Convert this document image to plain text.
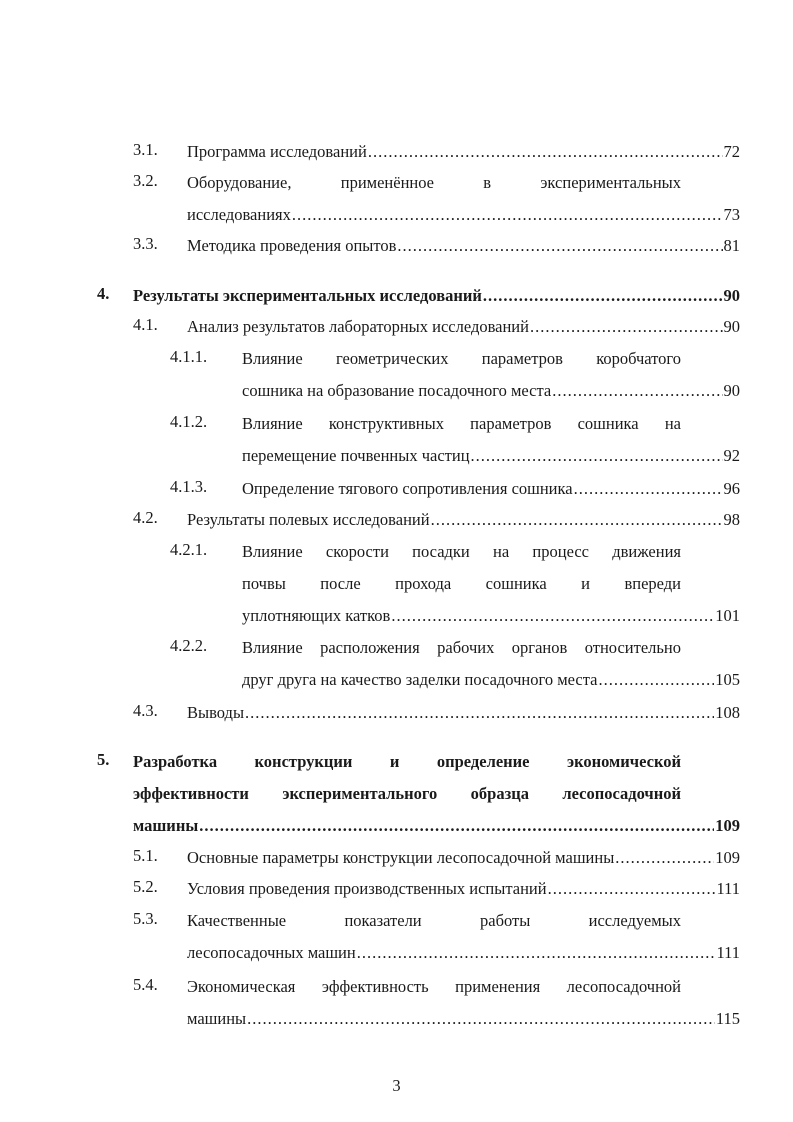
3.1. Программа исследований .....	72
3.2. Оборудование, применённое в экспериментальных
исследованиях .....	73
3.3. Методика проведения опытов .....	81
4. Результаты экспериментальных исследований .....	90
4.1. Анализ результатов лабораторных исследований .....	90
4.1.1. Влияние геометрических параметров коробчатого
сошника на образование посадочного места .....	90
4.1.2. Влияние конструктивных параметров сошника на
перемещение почвенных частиц .....	92
4.1.3. Определение тягового сопротивления сошника .....	96
4.2. Результаты полевых исследований .....	98
4.2.1. Влияние скорости посадки на процесс движения
почвы после прохода сошника и впереди
уплотняющих катков .....	101
4.2.2. Влияние расположения рабочих органов относительно
друг друга на качество заделки посадочного места .....	105
4.3. Выводы .....	108
5. Разработка конструкции и определение экономической
эффективности экспериментального образца лесопосадочной
машины .....	109
5.1. Основные параметры конструкции лесопосадочной машины .....	109
5.2. Условия проведения производственных испытаний .....	111
5.3. Качественные показатели работы исследуемых
лесопосадочных машин .....	111
5.4. Экономическая эффективность применения лесопосадочной
машины .....	115
3
